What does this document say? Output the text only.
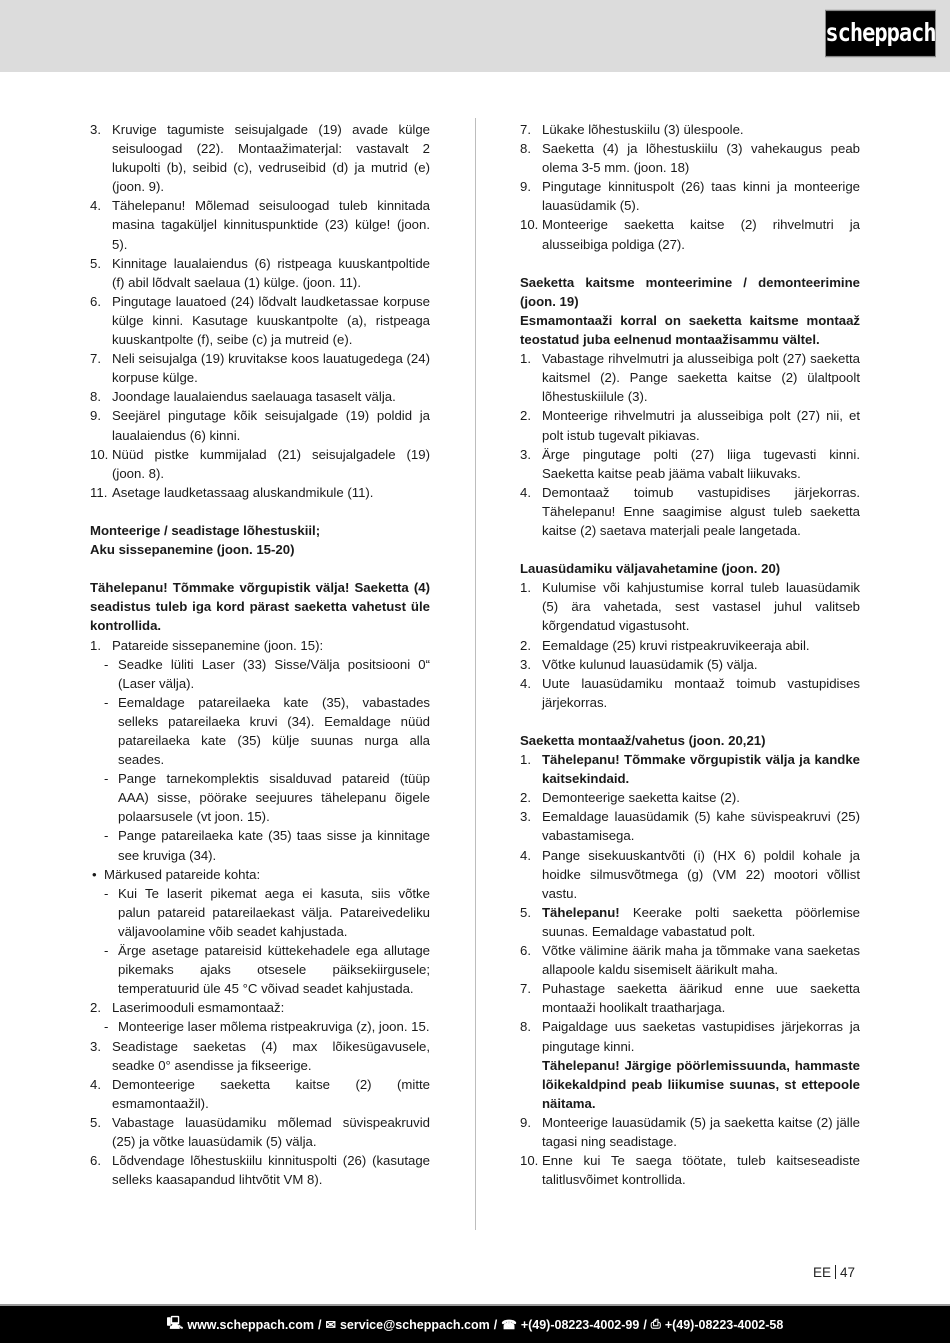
scheppach
3. Kruvige tagumiste seisujalgade (19) avade külge seisuloogad (22). Montaažimaterjal: vastavalt 2 lukupolti (b), seibid (c), vedruseibid (d) ja mutrid (e) (joon. 9).
4. Tähelepanu! Mõlemad seisuloogad tuleb kinnitada masina tagaküljel kinnituspunktide (23) külge! (joon. 5).
5. Kinnitage laualaiendus (6) ristpeaga kuuskantpoltide (f) abil lõdvalt saelaua (1) külge. (joon. 11).
6. Pingutage lauatoed (24) lõdvalt laudketassae korpuse külge kinni. Kasutage kuuskantpolte (a), ristpeaga kuuskantpolte (f), seibe (c) ja mutreid (e).
7. Neli seisujalga (19) kruvitakse koos lauatugedega (24) korpuse külge.
8. Joondage laualaiendus saelauaga tasaselt välja.
9. Seejärel pingutage kõik seisujalgade (19) poldid ja laualaiendus (6) kinni.
10. Nüüd pistke kummijalad (21) seisujalgadele (19) (joon. 8).
11. Asetage laudketassaag aluskandmikule (11).
Monteerige / seadistage lõhestuskiil;
Aku sissepanemine (joon. 15-20)
Tähelepanu! Tõmmake võrgupistik välja! Saeketta (4) seadistus tuleb iga kord pärast saeketta vahetust üle kontrollida.
1. Patareide sissepanemine (joon. 15):
- Seadke lüliti Laser (33) Sisse/Välja positsiooni 0“ (Laser välja).
- Eemaldage patareilaeka kate (35), vabastades selleks patareilaeka kruvi (34). Eemaldage nüüd patareilaeka kate (35) külje suunas nurga alla seades.
- Pange tarnekomplektis sisalduvad patareid (tüüp AAA) sisse, pöörake seejuures tähelepanu õigele polaarsusele (vt joon. 15).
- Pange patareilaeka kate (35) taas sisse ja kinnitage see kruviga (34).
• Märkused patareide kohta:
- Kui Te laserit pikemat aega ei kasuta, siis võtke palun patareid patareilaekast välja. Patareivedeliku väljavoolamine võib seadet kahjustada.
- Ärge asetage patareisid küttekehadele ega allutage pikemaks ajaks otsesele päiksekiirgusele; temperatuurid üle 45 °C võivad seadet kahjustada.
2. Laserimooduli esmamontaaž:
- Monteerige laser mõlema ristpeakruviga (z), joon. 15.
3. Seadistage saeketas (4) max lõikesügavusele, seadke 0° asendisse ja fikseerige.
4. Demonteerige saeketta kaitse (2) (mitte esmamontaažil).
5. Vabastage lauasüdamiku mõlemad süvispeakruvid (25) ja võtke lauasüdamik (5) välja.
6. Lõdvendage lõhestuskiilu kinnituspolti (26) (kasutage selleks kaasapandud lihtvõtit VM 8).
7. Lükake lõhestuskiilu (3) ülespoole.
8. Saeketta (4) ja lõhestuskiilu (3) vahekaugus peab olema 3-5 mm. (joon. 18)
9. Pingutage kinnituspolt (26) taas kinni ja monteerige lauasüdamik (5).
10. Monteerige saeketta kaitse (2) rihvelmutri ja alusseibiga poldiga (27).
Saeketta kaitsme monteerimine / demonteerimine (joon. 19)
Esmamontaaži korral on saeketta kaitsme montaaž teostatud juba eelnenud montaažisammu vältel.
1. Vabastage rihvelmutri ja alusseibiga polt (27) saeketta kaitsmel (2). Pange saeketta kaitse (2) ülaltpoolt lõhestuskiilule (3).
2. Monteerige rihvelmutri ja alusseibiga polt (27) nii, et polt istub tugevalt pikiavas.
3. Ärge pingutage polti (27) liiga tugevasti kinni. Saeketta kaitse peab jääma vabalt liikuvaks.
4. Demontaaž toimub vastupidises järjekorras. Tähelepanu! Enne saagimise algust tuleb saeketta kaitse (2) saetava materjali peale langetada.
Lauasüdamiku väljavahetamine (joon. 20)
1. Kulumise või kahjustumise korral tuleb lauasüdamik (5) ära vahetada, sest vastasel juhul valitseb kõrgendatud vigastusoht.
2. Eemaldage (25) kruvi ristpeakruvikeeraja abil.
3. Võtke kulunud lauasüdamik (5) välja.
4. Uute lauasüdamiku montaaž toimub vastupidises järjekorras.
Saeketta montaaž/vahetus (joon. 20,21)
1. Tähelepanu! Tõmmake võrgupistik välja ja kandke kaitsekindaid.
2. Demonteerige saeketta kaitse (2).
3. Eemaldage lauasüdamik (5) kahe süvispeakruvi (25) vabastamisega.
4. Pange sisekuuskantvõti (i) (HX 6) poldil kohale ja hoidke silmusvõtmega (g) (VM 22) mootori võllist vastu.
5. Tähelepanu! Keerake polti saeketta pöörlemise suunas. Eemaldage vabastatud polt.
6. Võtke välimine äärik maha ja tõmmake vana saeketas allapoole kaldu sisemiselt äärikult maha.
7. Puhastage saeketta äärikud enne uue saeketta montaaži hoolikalt traatharjaga.
8. Paigaldage uus saeketas vastupidises järjekorras ja pingutage kinni.
Tähelepanu! Järgige pöörlemissuunda, hammaste lõikekaldpind peab liikumise suunas, st ettepoole näitama.
9. Monteerige lauasüdamik (5) ja saeketta kaitse (2) jälle tagasi ning seadistage.
10. Enne kui Te saega töötate, tuleb kaitseseadiste talitlusvõimet kontrollida.
EE 47
🖳 www.scheppach.com / ✉ service@scheppach.com / ☎ +(49)-08223-4002-99 / ⎙ +(49)-08223-4002-58
